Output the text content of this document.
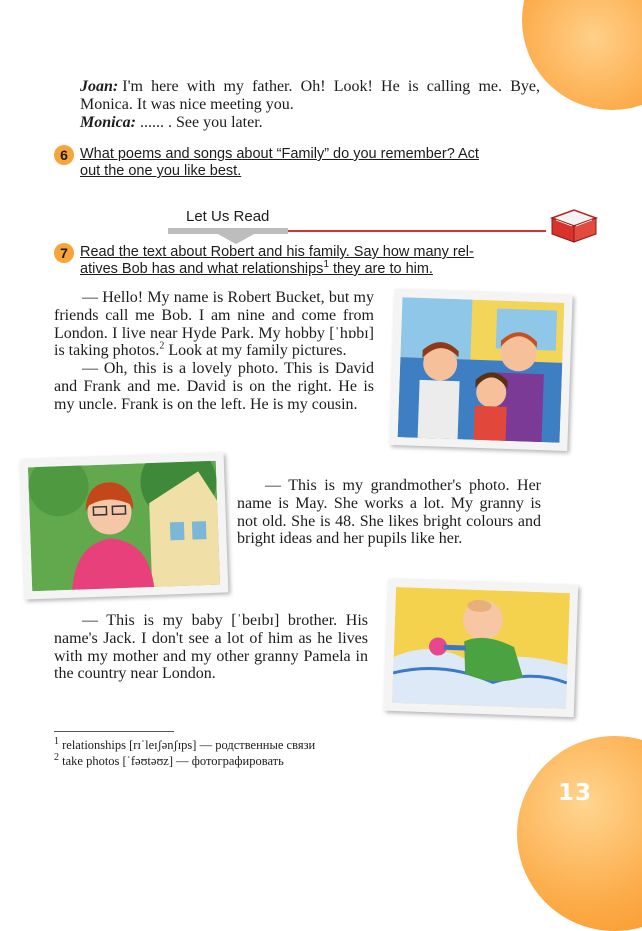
13
Joan: I'm here with my father. Oh! Look! He is calling me. Bye, Monica. It was nice meeting you.
Monica: ...... . See you later.
6 What poems and songs about “Family” do you remember? Act
out the one you like best.
Let Us Read
7 Read the text about Robert and his family. Say how many rel-
atives Bob has and what relationships$^1$ they are to him.

— Hello! My name is Robert Bucket, but my friends call me Bob. I am nine and come from London. I live near Hyde Park. My hobby [ˈhɒbɪ] is taking photos.$^2$ Look at my family pictures.

— Oh, this is a lovely photo. This is David and Frank and me. David is on the right. He is my uncle. Frank is on the left. He is my cousin.

— This is my grandmother's photo. Her name is May. She works a lot. My granny is not old. She is 48. She likes bright colours and bright ideas and her pupils like her.

— This is my baby [ˈbeɪbɪ] brother. His name's Jack. I don't see a lot of him as he lives with my mother and my other granny Pamela in the country near London.

$^1$ relationships [rɪˈleɪʃənʃɪps] — родственные связи
$^2$ take photos [ˈfəʊtəʊz] — фотографировать
